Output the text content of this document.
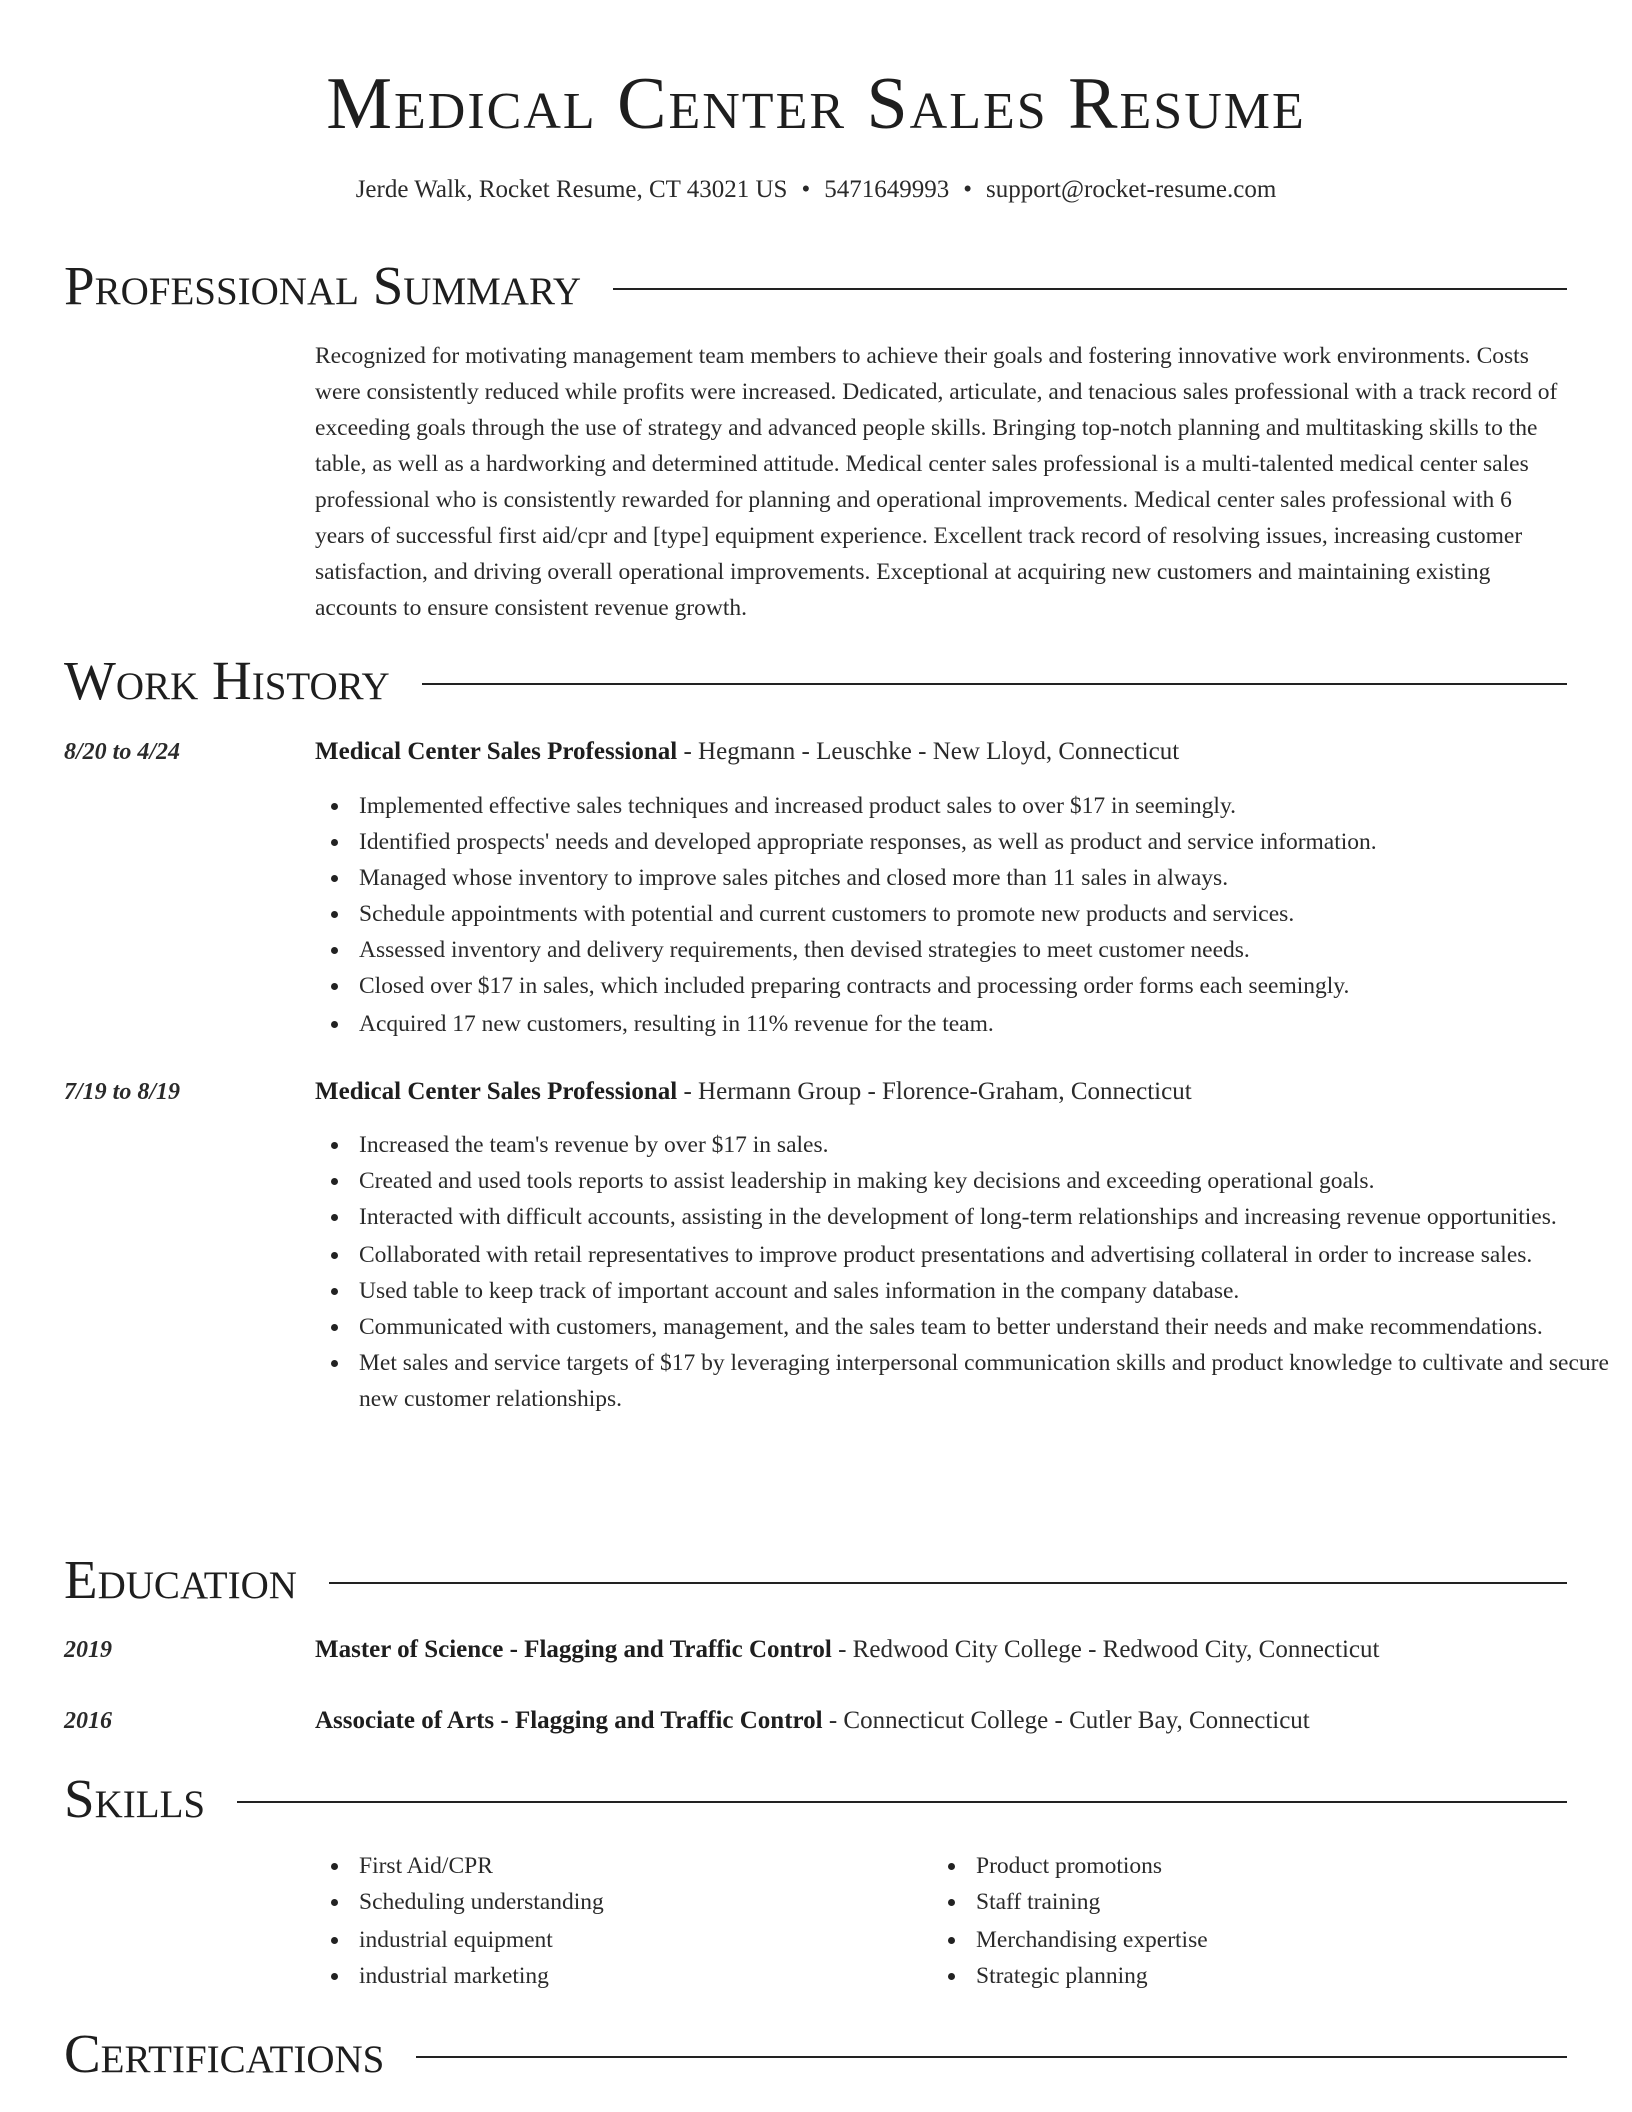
Medical Center Sales Resume
Jerde Walk, Rocket Resume, CT 43021 US • 5471649993 • support@rocket-resume.com
Professional Summary

Recognized for motivating management team members to achieve their goals and fostering innovative work environments. Costs were consistently reduced while profits were increased. Dedicated, articulate, and tenacious sales professional with a track record of exceeding goals through the use of strategy and advanced people skills. Bringing top-notch planning and multitasking skills to the table, as well as a hardworking and determined attitude. Medical center sales professional is a multi-talented medical center sales professional who is consistently rewarded for planning and operational improvements. Medical center sales professional with 6 years of successful first aid/cpr and [type] equipment experience. Excellent track record of resolving issues, increasing customer satisfaction, and driving overall operational improvements. Exceptional at acquiring new customers and maintaining existing accounts to ensure consistent revenue growth.

Work History
8/20 to 4/24	Medical Center Sales Professional - Hegmann - Leuschke - New Lloyd, Connecticut
Implemented effective sales techniques and increased product sales to over $17 in seemingly.
Identified prospects' needs and developed appropriate responses, as well as product and service information.
Managed whose inventory to improve sales pitches and closed more than 11 sales in always.
Schedule appointments with potential and current customers to promote new products and services.
Assessed inventory and delivery requirements, then devised strategies to meet customer needs.
Closed over $17 in sales, which included preparing contracts and processing order forms each seemingly.
Acquired 17 new customers, resulting in 11% revenue for the team.
7/19 to 8/19	Medical Center Sales Professional - Hermann Group - Florence-Graham, Connecticut
Increased the team's revenue by over $17 in sales.
Created and used tools reports to assist leadership in making key decisions and exceeding operational goals.
Interacted with difficult accounts, assisting in the development of long-term relationships and increasing revenue opportunities.
Collaborated with retail representatives to improve product presentations and advertising collateral in order to increase sales.
Used table to keep track of important account and sales information in the company database.
Communicated with customers, management, and the sales team to better understand their needs and make recommendations.
Met sales and service targets of $17 by leveraging interpersonal communication skills and product knowledge to cultivate and secure new customer relationships.
Education
2019	Master of Science - Flagging and Traffic Control - Redwood City College - Redwood City, Connecticut
2016	Associate of Arts - Flagging and Traffic Control - Connecticut College - Cutler Bay, Connecticut
Skills
First Aid/CPR
Scheduling understanding
industrial equipment
industrial marketing
Product promotions
Staff training
Merchandising expertise
Strategic planning
Certifications
